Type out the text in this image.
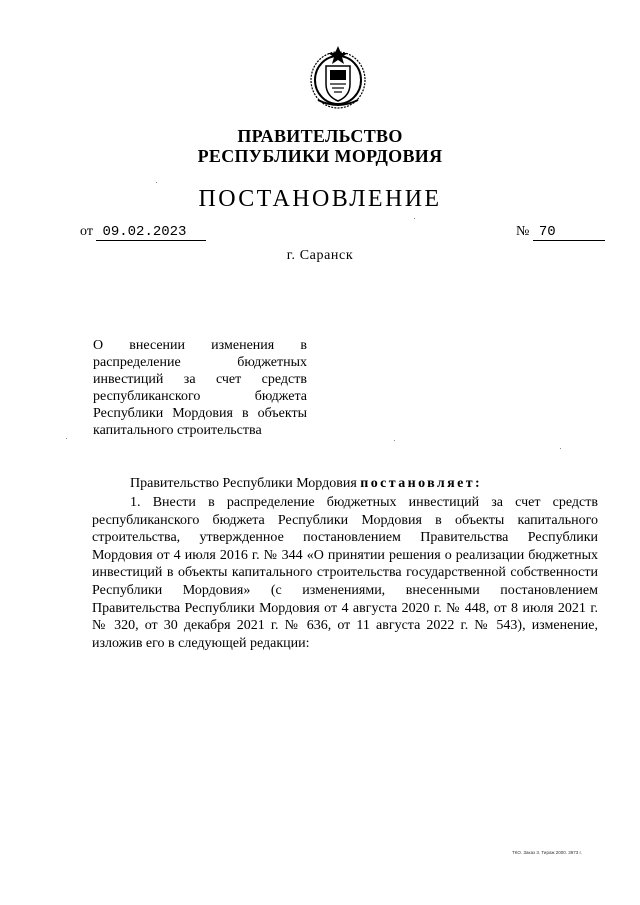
ПРАВИТЕЛЬСТВО
РЕСПУБЛИКИ МОРДОВИЯ
ПОСТАНОВЛЕНИЕ
от 09.02.2023	№ 70
г. Саранск
О внесении изменения в распределение бюджетных инвестиций за счет средств республиканского бюджета Республики Мордовия в объекты капитального строительства
Правительство Республики Мордовия постановляет:
1. Внести в распределение бюджетных инвестиций за счет средств республиканского бюджета Республики Мордовия в объекты капитального строительства, утвержденное постановлением Правительства Республики Мордовия от 4 июля 2016 г. № 344 «О принятии решения о реализации бюджетных инвестиций в объекты капитального строительства государственной собственности Республики Мордовия» (с изменениями, внесенными постановлением Правительства Республики Мордовия от 4 августа 2020 г. № 448, от 8 июля 2021 г. № 320, от 30 декабря 2021 г. № 636, от 11 августа 2022 г. № 543), изменение, изложив его в следующей редакции:
ТКО. Заказ 3. Тираж 2000. 3973 г.
